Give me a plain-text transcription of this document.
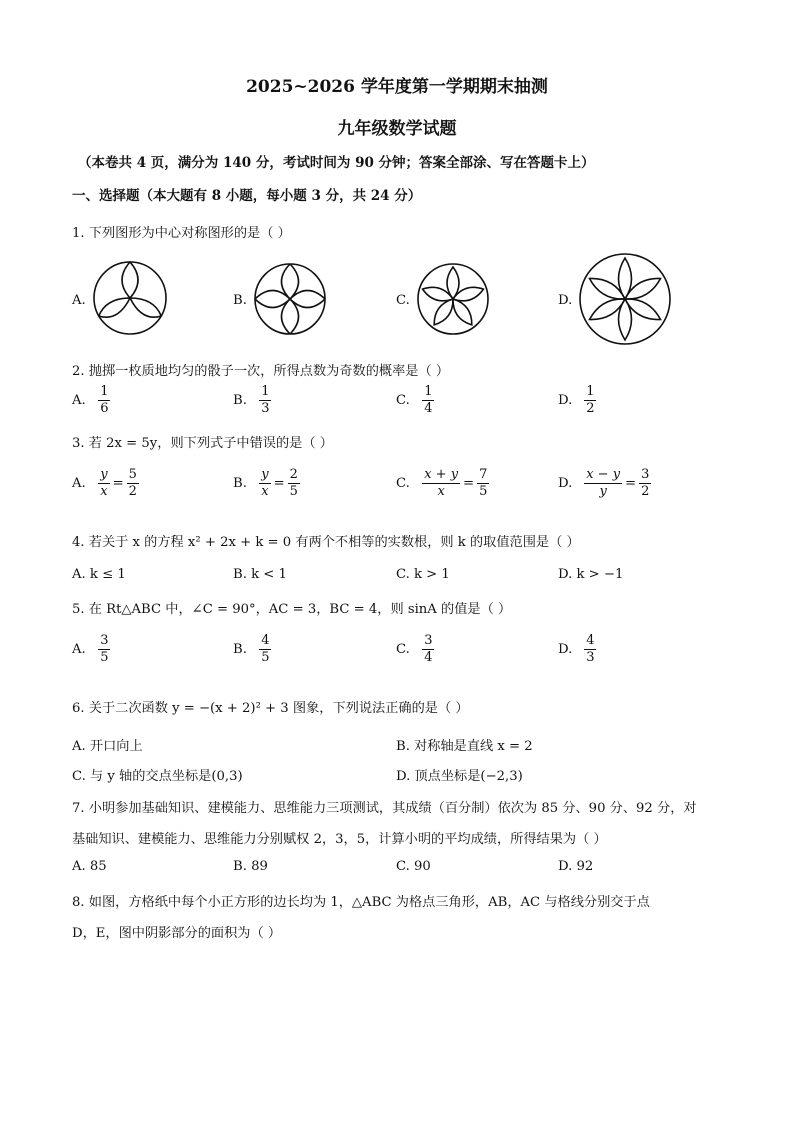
2025~2026 学年度第一学期期末抽测
九年级数学试题
（本卷共 4 页，满分为 140 分，考试时间为 90 分钟；答案全部涂、写在答题卡上）
一、选择题（本大题有 8 小题，每小题 3 分，共 24 分）
1. 下列图形为中心对称图形的是（ ）
A.	B.	C.	D.
2. 抛掷一枚质地均匀的骰子一次，所得点数为奇数的概率是（ ）
A. $\frac{1}{6}$	B. $\frac{1}{3}$	C. $\frac{1}{4}$	D. $\frac{1}{2}$
3. 若 2x = 5y，则下列式子中错误的是（ ）
A. $\frac{y}{x} = \frac{5}{2}$	B. $\frac{y}{x} = \frac{2}{5}$	C. $\frac{x + y}{x} = \frac{7}{5}$	D. $\frac{x - y}{y} = \frac{3}{2}$
4. 若关于 x 的方程 x² + 2x + k = 0 有两个不相等的实数根，则 k 的取值范围是（ ）
A. k ≤ 1	B. k < 1	C. k > 1	D. k > −1
5. 在 Rt△ABC 中，∠C = 90°，AC = 3，BC = 4，则 sinA 的值是（ ）
A. $\frac{3}{5}$	B. $\frac{4}{5}$	C. $\frac{3}{4}$	D. $\frac{4}{3}$
6. 关于二次函数 y = −(x + 2)² + 3 图象，下列说法正确的是（ ）
A. 开口向上	B. 对称轴是直线 x = 2
C. 与 y 轴的交点坐标是(0,3)	D. 顶点坐标是(−2,3)
7. 小明参加基础知识、建模能力、思维能力三项测试，其成绩（百分制）依次为 85 分、90 分、92 分，对
基础知识、建模能力、思维能力分别赋权 2，3，5，计算小明的平均成绩，所得结果为（ ）
A. 85	B. 89	C. 90	D. 92
8. 如图，方格纸中每个小正方形的边长均为 1，△ABC 为格点三角形，AB，AC 与格线分别交于点
D，E，图中阴影部分的面积为（ ）
